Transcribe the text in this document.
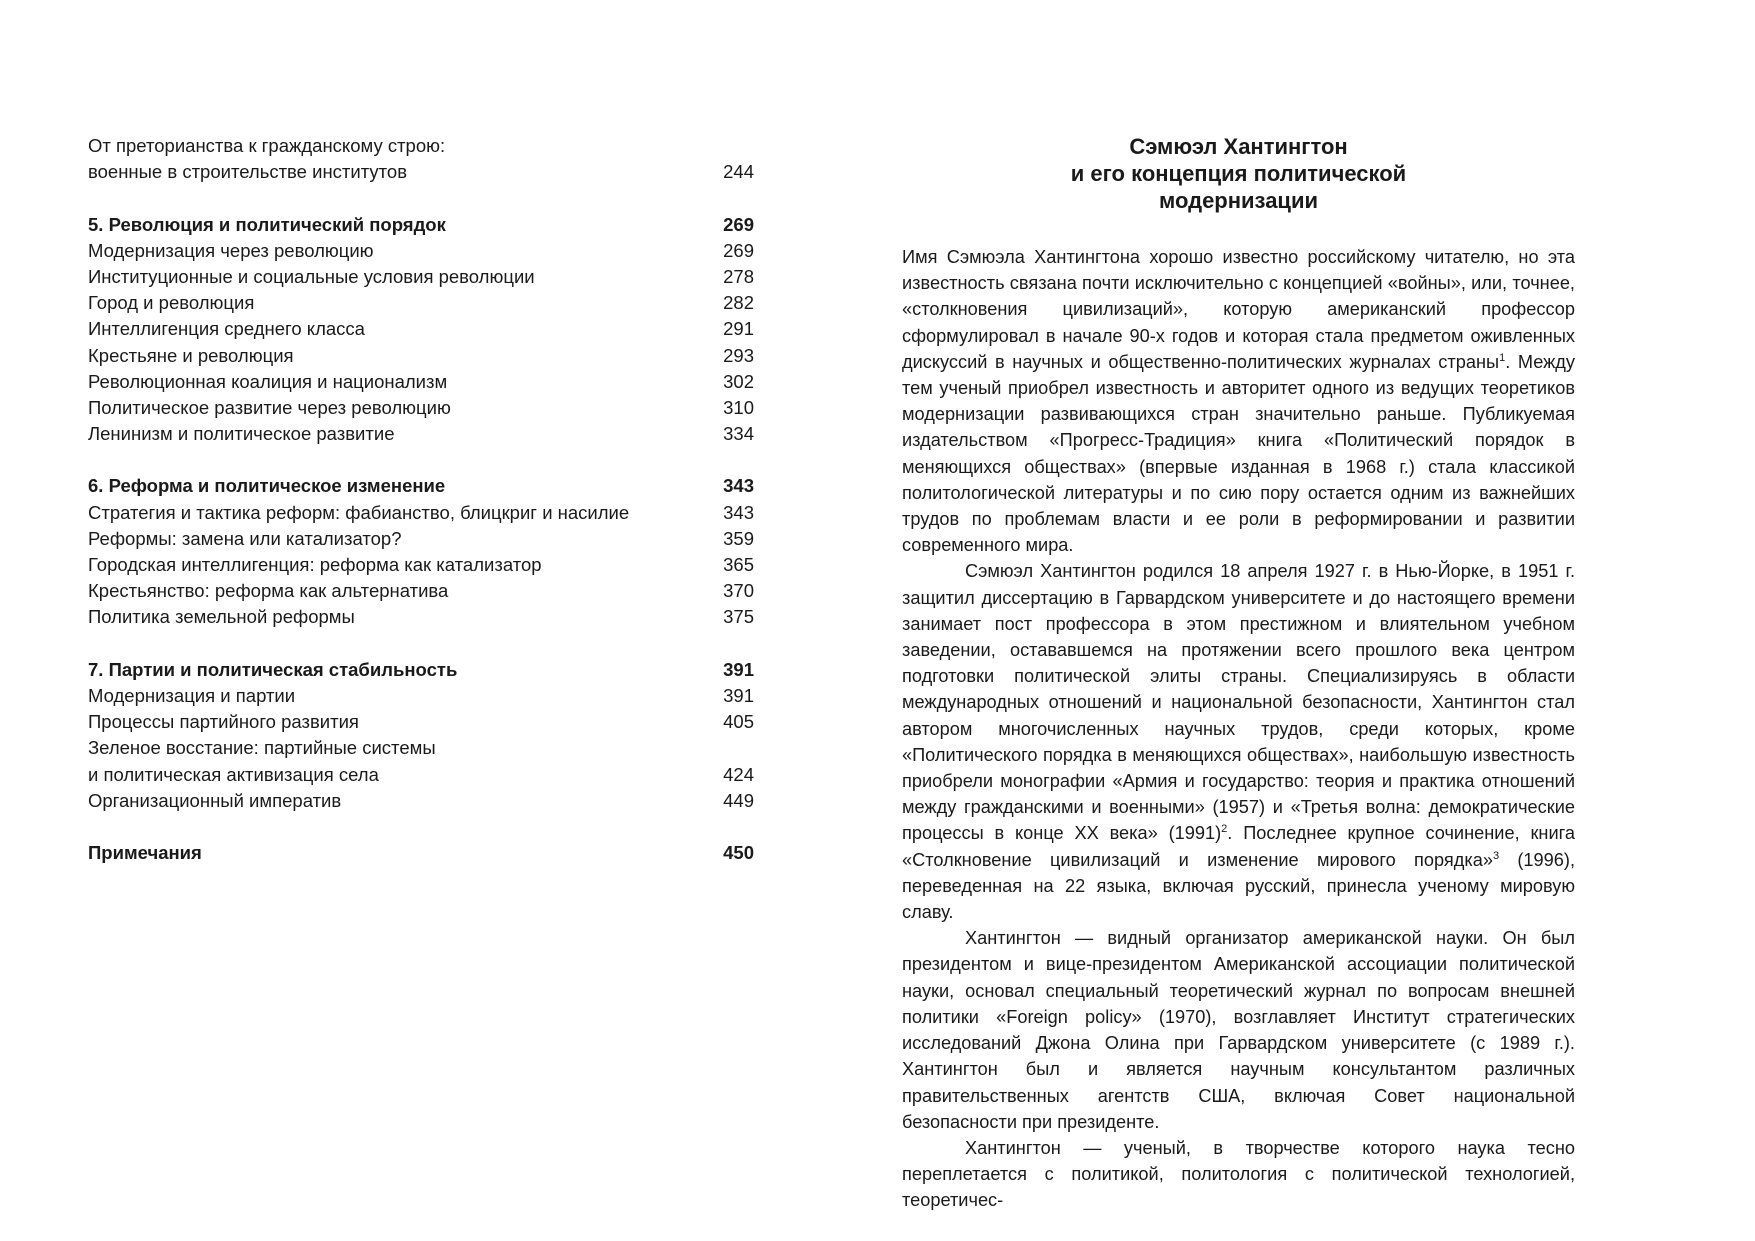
От преторианства к гражданскому строю:
военные в строительстве институтов	244
5. Революция и политический порядок	269
Модернизация через революцию	269
Институционные и социальные условия революции	278
Город и революция	282
Интеллигенция среднего класса	291
Крестьяне и революция	293
Революционная коалиция и национализм	302
Политическое развитие через революцию	310
Ленинизм и политическое развитие	334
6. Реформа и политическое изменение	343
Стратегия и тактика реформ: фабианство, блицкриг и насилие	343
Реформы: замена или катализатор?	359
Городская интеллигенция: реформа как катализатор	365
Крестьянство: реформа как альтернатива	370
Политика земельной реформы	375
7. Партии и политическая стабильность	391
Модернизация и партии	391
Процессы партийного развития	405
Зеленое восстание: партийные системы
и политическая активизация села	424
Организационный императив	449
Примечания	450
Сэмюэл Хантингтон
и его концепция политической
модернизации

Имя Сэмюэла Хантингтона хорошо известно российскому читателю, но эта известность связана почти исключительно с концепцией «войны», или, точнее, «столкновения цивилизаций», которую американский профессор сформулировал в начале 90-х годов и которая стала предметом оживленных дискуссий в научных и общественно-политических журналах страны$^1$. Между тем ученый приобрел известность и авторитет одного из ведущих теоретиков модернизации развивающихся стран значительно раньше. Публикуемая издательством «Прогресс-Традиция» книга «Политический порядок в меняющихся обществах» (впервые изданная в 1968 г.) стала классикой политологической литературы и по сию пору остается одним из важнейших трудов по проблемам власти и ее роли в реформировании и развитии современного мира.

Сэмюэл Хантингтон родился 18 апреля 1927 г. в Нью-Йорке, в 1951 г. защитил диссертацию в Гарвардском университете и до настоящего времени занимает пост профессора в этом престижном и влиятельном учебном заведении, остававшемся на протяжении всего прошлого века центром подготовки политической элиты страны. Специализируясь в области международных отношений и национальной безопасности, Хантингтон стал автором многочисленных научных трудов, среди которых, кроме «Политического порядка в меняющихся обществах», наибольшую известность приобрели монографии «Армия и государство: теория и практика отношений между гражданскими и военными» (1957) и «Третья волна: демократические процессы в конце XX века» $(1991)^2$. Последнее крупное сочинение, книга «Столкновение цивилизаций и изменение мирового порядка»$^3$ (1996), переведенная на 22 языка, включая русский, принесла ученому мировую славу.

Хантингтон — видный организатор американской науки. Он был президентом и вице-президентом Американской ассоциации политической науки, основал специальный теоретический журнал по вопросам внешней политики «Foreign policy» (1970), возглавляет Институт стратегических исследований Джона Олина при Гарвардском университете (с 1989 г.). Хантингтон был и является научным консультантом различных правительственных агентств США, включая Совет национальной безопасности при президенте.

Хантингтон — ученый, в творчестве которого наука тесно переплетается с политикой, политология с политической технологией, теоретичес-
